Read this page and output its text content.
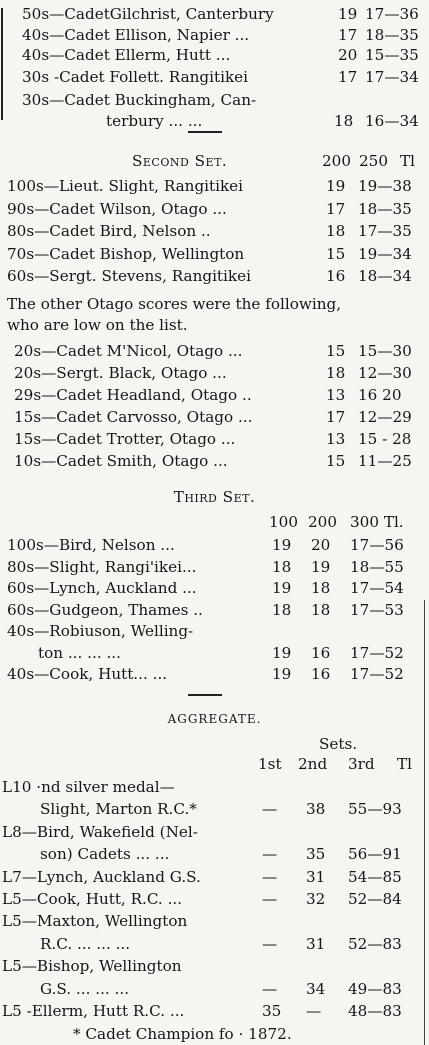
50s—CadetGilchrist, Canterbury	19 17—36
40s—Cadet Ellison, Napier ...	17 18—35
40s—Cadet Ellerm, Hutt ...	20 15—35
30s -Cadet Follett. Rangitikei	17 17—34
30s—Cadet Buckingham, Can-
terbury ... ...	18 16—34
Second Set.	200 250 Tl
100s—Lieut. Slight, Rangitikei	19 19—38
90s—Cadet Wilson, Otago ...	17 18—35
80s—Cadet Bird, Nelson ..	18 17—35
70s—Cadet Bishop, Wellington	15 19—34
60s—Sergt. Stevens, Rangitikei	16 18—34
The other Otago scores were the following,
who are low on the list.
20s—Cadet M'Nicol, Otago ...	15 15—30
20s—Sergt. Black, Otago ...	18 12—30
29s—Cadet Headland, Otago ..	13 16 20
15s—Cadet Carvosso, Otago ...	17 12—29
15s—Cadet Trotter, Otago ...	13 15 - 28
10s—Cadet Smith, Otago ...	15 11—25
Third Set.
100 200 300 Tl.
100s—Bird, Nelson ...	19 20 17—56
80s—Slight, Rangi'ikei...	18 19 18—55
60s—Lynch, Auckland ...	19 18 17—54
60s—Gudgeon, Thames ..	18 18 17—53
40s—Robiuson, Welling-
ton ... ... ...	19 16 17—52
40s—Cook, Hutt... ...	19 16 17—52
AGGREGATE.
Sets.
1st 2nd 3rd Tl
L10 ·nd silver medal—
Slight, Marton R.C.*	— 38 55—93
L8—Bird, Wakefield (Nel-
son) Cadets ... ...	— 35 56—91
L7—Lynch, Auckland G.S.	— 31 54—85
L5—Cook, Hutt, R.C. ...	— 32 52—84
L5—Maxton, Wellington
R.C. ... ... ...	— 31 52—83
L5—Bishop, Wellington
G.S. ... ... ...	— 34 49—83
L5 -Ellerm, Hutt R.C. ...	35 — 48—83
* Cadet Champion fo · 1872.
